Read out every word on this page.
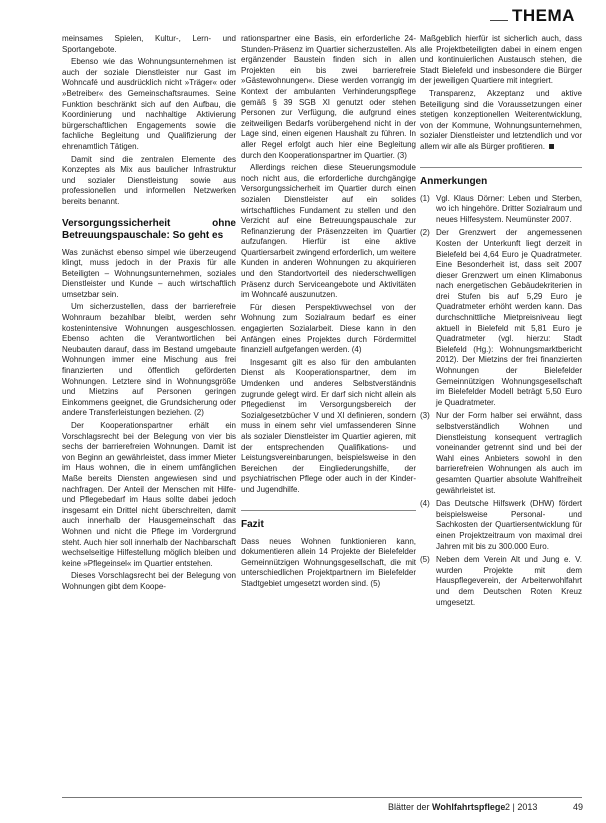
THEMA

meinsames Spielen, Kultur-, Lern- und Sportangebote.

Ebenso wie das Wohnungsunternehmen ist auch der soziale Dienstleister nur Gast im Wohncafé und ausdrücklich nicht »Träger« oder »Betreiber« des Gemeinschaftsraumes. Seine Funktion beschränkt sich auf den Aufbau, die Koordinierung und nachhaltige Aktivierung bürgerschaftlichen Engagements sowie die fachliche Begleitung und Qualifizierung der ehrenamtlich Tätigen.

Damit sind die zentralen Elemente des Konzeptes als Mix aus baulicher Infrastruktur und sozialer Dienstleistung sowie aus professionellen und informellen Netzwerken bereits benannt.

Versorgungssicherheit ohne Betreuungspauschale: So geht es

Was zunächst ebenso simpel wie überzeugend klingt, muss jedoch in der Praxis für alle Beteiligten – Wohnungsunternehmen, soziales Dienstleister und Kunde – auch wirtschaftlich umsetzbar sein.

Um sicherzustellen, dass der barrierefreie Wohnraum bezahlbar bleibt, werden sehr kostenintensive Wohnungen ausgeschlossen. Ebenso achten die Verantwortlichen bei Neubauten darauf, dass im Bestand umgebaute Wohnungen immer eine Mischung aus frei finanzierten und öffentlich geförderten Wohnungen. Letztere sind in Wohnungsgröße und Mietzins auf Personen geringen Einkommens geeignet, die Grundsicherung oder andere Transferleistungen beziehen. (2)

Der Kooperationspartner erhält ein Vorschlagsrecht bei der Belegung von vier bis sechs der barrierefreien Wohnungen. Damit ist von Beginn an gewährleistet, dass immer Mieter im Haus wohnen, die in einem umfänglichen Maße bereits Diensten angewiesen sind und nachfragen. Der Anteil der Menschen mit Hilfe- und Pflegebedarf im Haus sollte dabei jedoch insgesamt ein Drittel nicht überschreiten, damit auch innerhalb der Hausgemeinschaft das Wohnen und nicht die Pflege im Vordergrund steht. Auch hier soll innerhalb der Nachbarschaft wechselseitige Hilfestellung möglich bleiben und keine »Pflegeinsel« im Quartier entstehen.

Dieses Vorschlagsrecht bei der Belegung von Wohnungen gibt dem Koope-

rationspartner eine Basis, ein erforderliche 24-Stunden-Präsenz im Quartier sicherzustellen. Als ergänzender Baustein finden sich in allen Projekten ein bis zwei barrierefreie »Gästewohnungen«. Diese werden vorrangig im Kontext der ambulanten Verhinderungspflege gemäß § 39 SGB XI genutzt oder stehen Personen zur Verfügung, die aufgrund eines zeitweiligen Bedarfs vorübergehend nicht in der Lage sind, einen eigenen Haushalt zu führen. In aller Regel erfolgt auch hier eine Begleitung durch den Kooperationspartner im Quartier. (3)

Allerdings reichen diese Steuerungsmodule noch nicht aus, die erforderliche durchgängige Versorgungssicherheit im Quartier durch einen sozialen Dienstleister auf ein solides wirtschaftliches Fundament zu stellen und den Verzicht auf eine Betreuungspauschale zur Refinanzierung der Präsenzzeiten im Quartier aufzufangen. Hierfür ist eine aktive Quartiersarbeit zwingend erforderlich, um weitere Kunden in anderen Wohnungen zu akquirieren und den Standortvorteil des niederschwelligen Präsenz durch Serviceangebote und Aktivitäten im Wohncafé auszunutzen.

Für diesen Perspektivwechsel von der Wohnung zum Sozialraum bedarf es einer engagierten Sozialarbeit. Diese kann in den Anfängen eines Projektes durch Fördermittel finanziell aufgefangen werden. (4)

Insgesamt gilt es also für den ambulanten Dienst als Kooperationspartner, dem im Umdenken und anderes Selbstverständnis zugrunde gelegt wird. Er darf sich nicht allein als Pflegedienst im Versorgungsbereich der Sozialgesetzbücher V und XI definieren, sondern muss in einem sehr viel umfassenderen Sinne als sozialer Dienstleister im Quartier agieren, mit der entsprechenden Qualifikations- und Leistungsvereinbarungen, beispielsweise in den Bereichen der Eingliederungshilfe, der psychiatrischen Pflege oder auch in der Kinder- und Jugendhilfe.

Fazit

Dass neues Wohnen funktionieren kann, dokumentieren allein 14 Projekte der Bielefelder Gemeinnützigen Wohnungsgesellschaft, die mit unterschiedlichen Projektpartnern im Bielefelder Stadtgebiet umgesetzt worden sind. (5)

Maßgeblich hierfür ist sicherlich auch, dass alle Projektbeteiligten dabei in einem engen und kontinuierlichen Austausch stehen, die Stadt Bielefeld und insbesondere die Bürger der jeweiligen Quartiere mit integriert.

Transparenz, Akzeptanz und aktive Beteiligung sind die Voraussetzungen einer stetigen konzeptionellen Weiterentwicklung, von der Kommune, Wohnungsunternehmen, sozialer Dienstleister und letztendlich und vor allem wir alle als Bürger profitieren.

Anmerkungen
(1) Vgl. Klaus Dörner: Leben und Sterben, wo ich hingehöre. Dritter Sozialraum und neues Hilfesystem. Neumünster 2007.
(2) Der Grenzwert der angemessenen Kosten der Unterkunft liegt derzeit in Bielefeld bei 4,64 Euro je Quadratmeter. Eine Besonderheit ist, dass seit 2007 dieser Grenzwert um einen Klimabonus nach energetischen Gebäudekriterien in drei Stufen bis auf 5,29 Euro je Quadratmeter erhöht werden kann. Das durchschnittliche Mietpreisniveau liegt aktuell in Bielefeld mit 5,81 Euro je Quadratmeter (vgl. hierzu: Stadt Bielefeld (Hg.): Wohnungsmarktbericht 2012). Der Mietzins der frei finanzierten Wohnungen der Bielefelder Gemeinnützigen Wohnungsgesellschaft im Bielefelder Modell beträgt 5,50 Euro je Quadratmeter.
(3) Nur der Form halber sei erwähnt, dass selbstverständlich Wohnen und Dienstleistung konsequent vertraglich voneinander getrennt sind und bei der Wahl eines Anbieters sowohl in den barrierefreien Wohnungen als auch im gesamten Quartier absolute Wahlfreiheit gewährleistet ist.
(4) Das Deutsche Hilfswerk (DHW) fördert beispielsweise Personal- und Sachkosten der Quartiersentwicklung für einen Projektzeitraum von maximal drei Jahren mit bis zu 300.000 Euro.
(5) Neben dem Verein Alt und Jung e. V. wurden Projekte mit dem Hauspflegeverein, der Arbeiterwohlfahrt und dem Deutschen Roten Kreuz umgesetzt.
Blätter der Wohlfahrtspflege 2 | 2013	49
